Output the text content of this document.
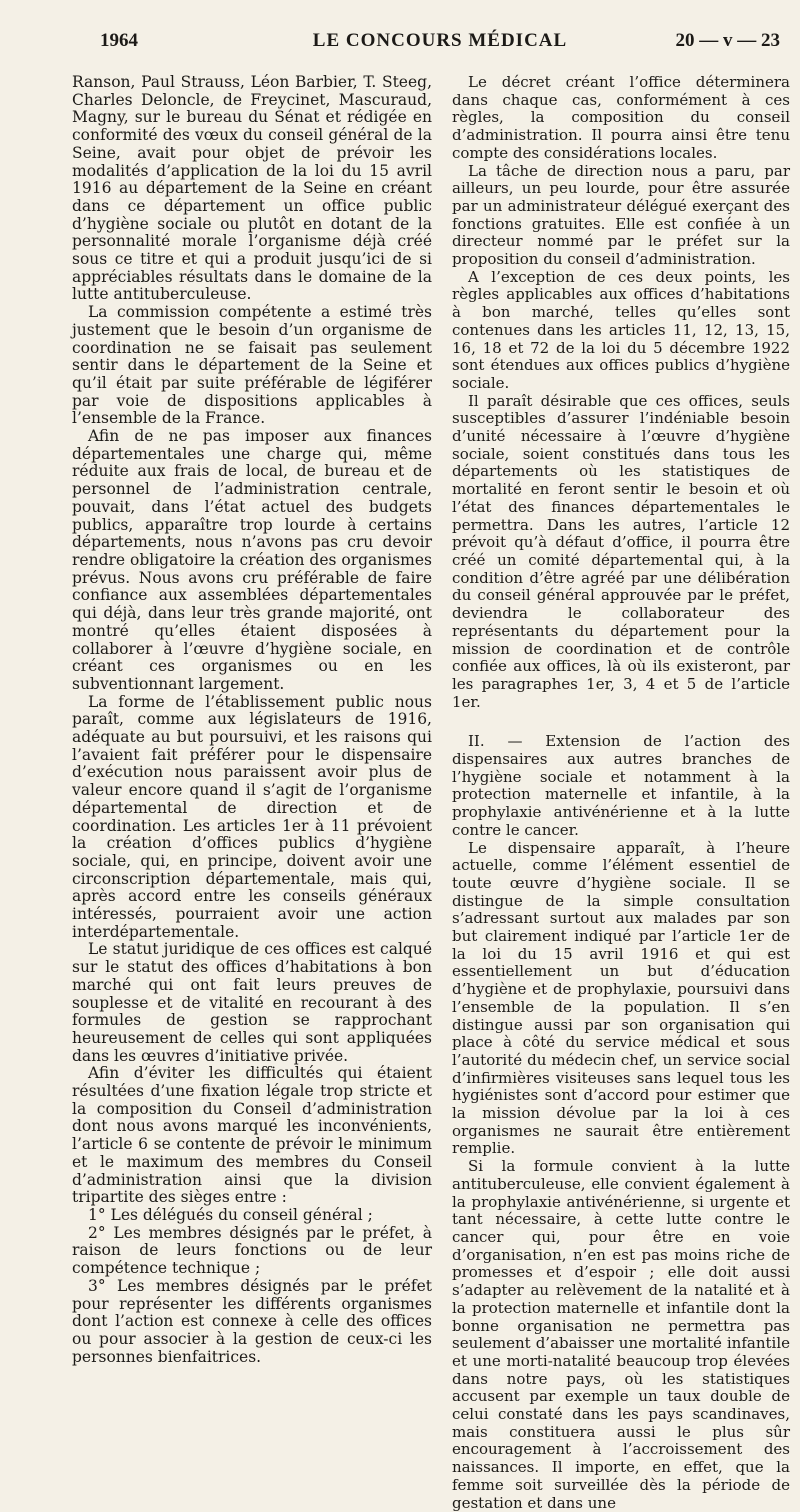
1964	LE CONCOURS MÉDICAL	20 — v — 23

Ranson, Paul Strauss, Léon Barbier, T. Steeg, Charles Deloncle, de Freycinet, Mascuraud, Magny, sur le bureau du Sénat et rédigée en conformité des vœux du conseil général de la Seine, avait pour objet de prévoir les modalités d’application de la loi du 15 avril 1916 au département de la Seine en créant dans ce département un office public d’hygiène sociale ou plutôt en dotant de la personnalité morale l’organisme déjà créé sous ce titre et qui a produit jusqu’ici de si appréciables résultats dans le domaine de la lutte antituberculeuse.

La commission compétente a estimé très justement que le besoin d’un organisme de coordination ne se faisait pas seulement sentir dans le département de la Seine et qu’il était par suite préférable de légiférer par voie de dispositions applicables à l’ensemble de la France.

Afin de ne pas imposer aux finances départementales une charge qui, même réduite aux frais de local, de bureau et de personnel de l’administration centrale, pouvait, dans l’état actuel des budgets publics, apparaître trop lourde à certains départements, nous n’avons pas cru devoir rendre obligatoire la création des organismes prévus. Nous avons cru préférable de faire confiance aux assemblées départementales qui déjà, dans leur très grande majorité, ont montré qu’elles étaient disposées à collaborer à l’œuvre d’hygiène sociale, en créant ces organismes ou en les subventionnant largement.

La forme de l’établissement public nous paraît, comme aux législateurs de 1916, adéquate au but poursuivi, et les raisons qui l’avaient fait préférer pour le dispensaire d’exécution nous paraissent avoir plus de valeur encore quand il s’agit de l’organisme départemental de direction et de coordination. Les articles 1er à 11 prévoient la création d’offices publics d’hygiène sociale, qui, en principe, doivent avoir une circonscription départementale, mais qui, après accord entre les conseils généraux intéressés, pourraient avoir une action interdépartementale.

Le statut juridique de ces offices est calqué sur le statut des offices d’habitations à bon marché qui ont fait leurs preuves de souplesse et de vitalité en recourant à des formules de gestion se rapprochant heureusement de celles qui sont appliquées dans les œuvres d’initiative privée.

Afin d’éviter les difficultés qui étaient résultées d’une fixation légale trop stricte et la composition du Conseil d’administration dont nous avons marqué les inconvénients, l’article 6 se contente de prévoir le minimum et le maximum des membres du Conseil d’administration ainsi que la division tripartite des sièges entre :

1° Les délégués du conseil général ;

2° Les membres désignés par le préfet, à raison de leurs fonctions ou de leur compétence technique ;

3° Les membres désignés par le préfet pour représenter les différents organismes dont l’action est connexe à celle des offices ou pour associer à la gestion de ceux-ci les personnes bienfaitrices.

Le décret créant l’office déterminera dans chaque cas, conformément à ces règles, la composition du conseil d’administration. Il pourra ainsi être tenu compte des considérations locales.

La tâche de direction nous a paru, par ailleurs, un peu lourde, pour être assurée par un administrateur délégué exerçant des fonctions gratuites. Elle est confiée à un directeur nommé par le préfet sur la proposition du conseil d’administration.

A l’exception de ces deux points, les règles applicables aux offices d’habitations à bon marché, telles qu’elles sont contenues dans les articles 11, 12, 13, 15, 16, 18 et 72 de la loi du 5 décembre 1922 sont étendues aux offices publics d’hygiène sociale.

Il paraît désirable que ces offices, seuls susceptibles d’assurer l’indéniable besoin d’unité nécessaire à l’œuvre d’hygiène sociale, soient constitués dans tous les départements où les statistiques de mortalité en feront sentir le besoin et où l’état des finances départementales le permettra. Dans les autres, l’article 12 prévoit qu’à défaut d’office, il pourra être créé un comité départemental qui, à la condition d’être agréé par une délibération du conseil général approuvée par le préfet, deviendra le collaborateur des représentants du département pour la mission de coordination et de contrôle confiée aux offices, là où ils existeront, par les paragraphes 1er, 3, 4 et 5 de l’article 1er.

II. — Extension de l’action des dispensaires aux autres branches de l’hygiène sociale et notamment à la protection maternelle et infantile, à la prophylaxie antivénérienne et à la lutte contre le cancer.

Le dispensaire apparaît, à l’heure actuelle, comme l’élément essentiel de toute œuvre d’hygiène sociale. Il se distingue de la simple consultation s’adressant surtout aux malades par son but clairement indiqué par l’article 1er de la loi du 15 avril 1916 et qui est essentiellement un but d’éducation d’hygiène et de prophylaxie, poursuivi dans l’ensemble de la population. Il s’en distingue aussi par son organisation qui place à côté du service médical et sous l’autorité du médecin chef, un service social d’infirmières visiteuses sans lequel tous les hygiénistes sont d’accord pour estimer que la mission dévolue par la loi à ces organismes ne saurait être entièrement remplie.

Si la formule convient à la lutte antituberculeuse, elle convient également à la prophylaxie antivénérienne, si urgente et tant nécessaire, à cette lutte contre le cancer qui, pour être en voie d’organisation, n’en est pas moins riche de promesses et d’espoir ; elle doit aussi s’adapter au relèvement de la natalité et à la protection maternelle et infantile dont la bonne organisation ne permettra pas seulement d’abaisser une mortalité infantile et une morti-natalité beaucoup trop élevées dans notre pays, où les statistiques accusent par exemple un taux double de celui constaté dans les pays scandinaves, mais constituera aussi le plus sûr encouragement à l’accroissement des naissances. Il importe, en effet, que la femme soit surveillée dès la période de gestation et dans une
